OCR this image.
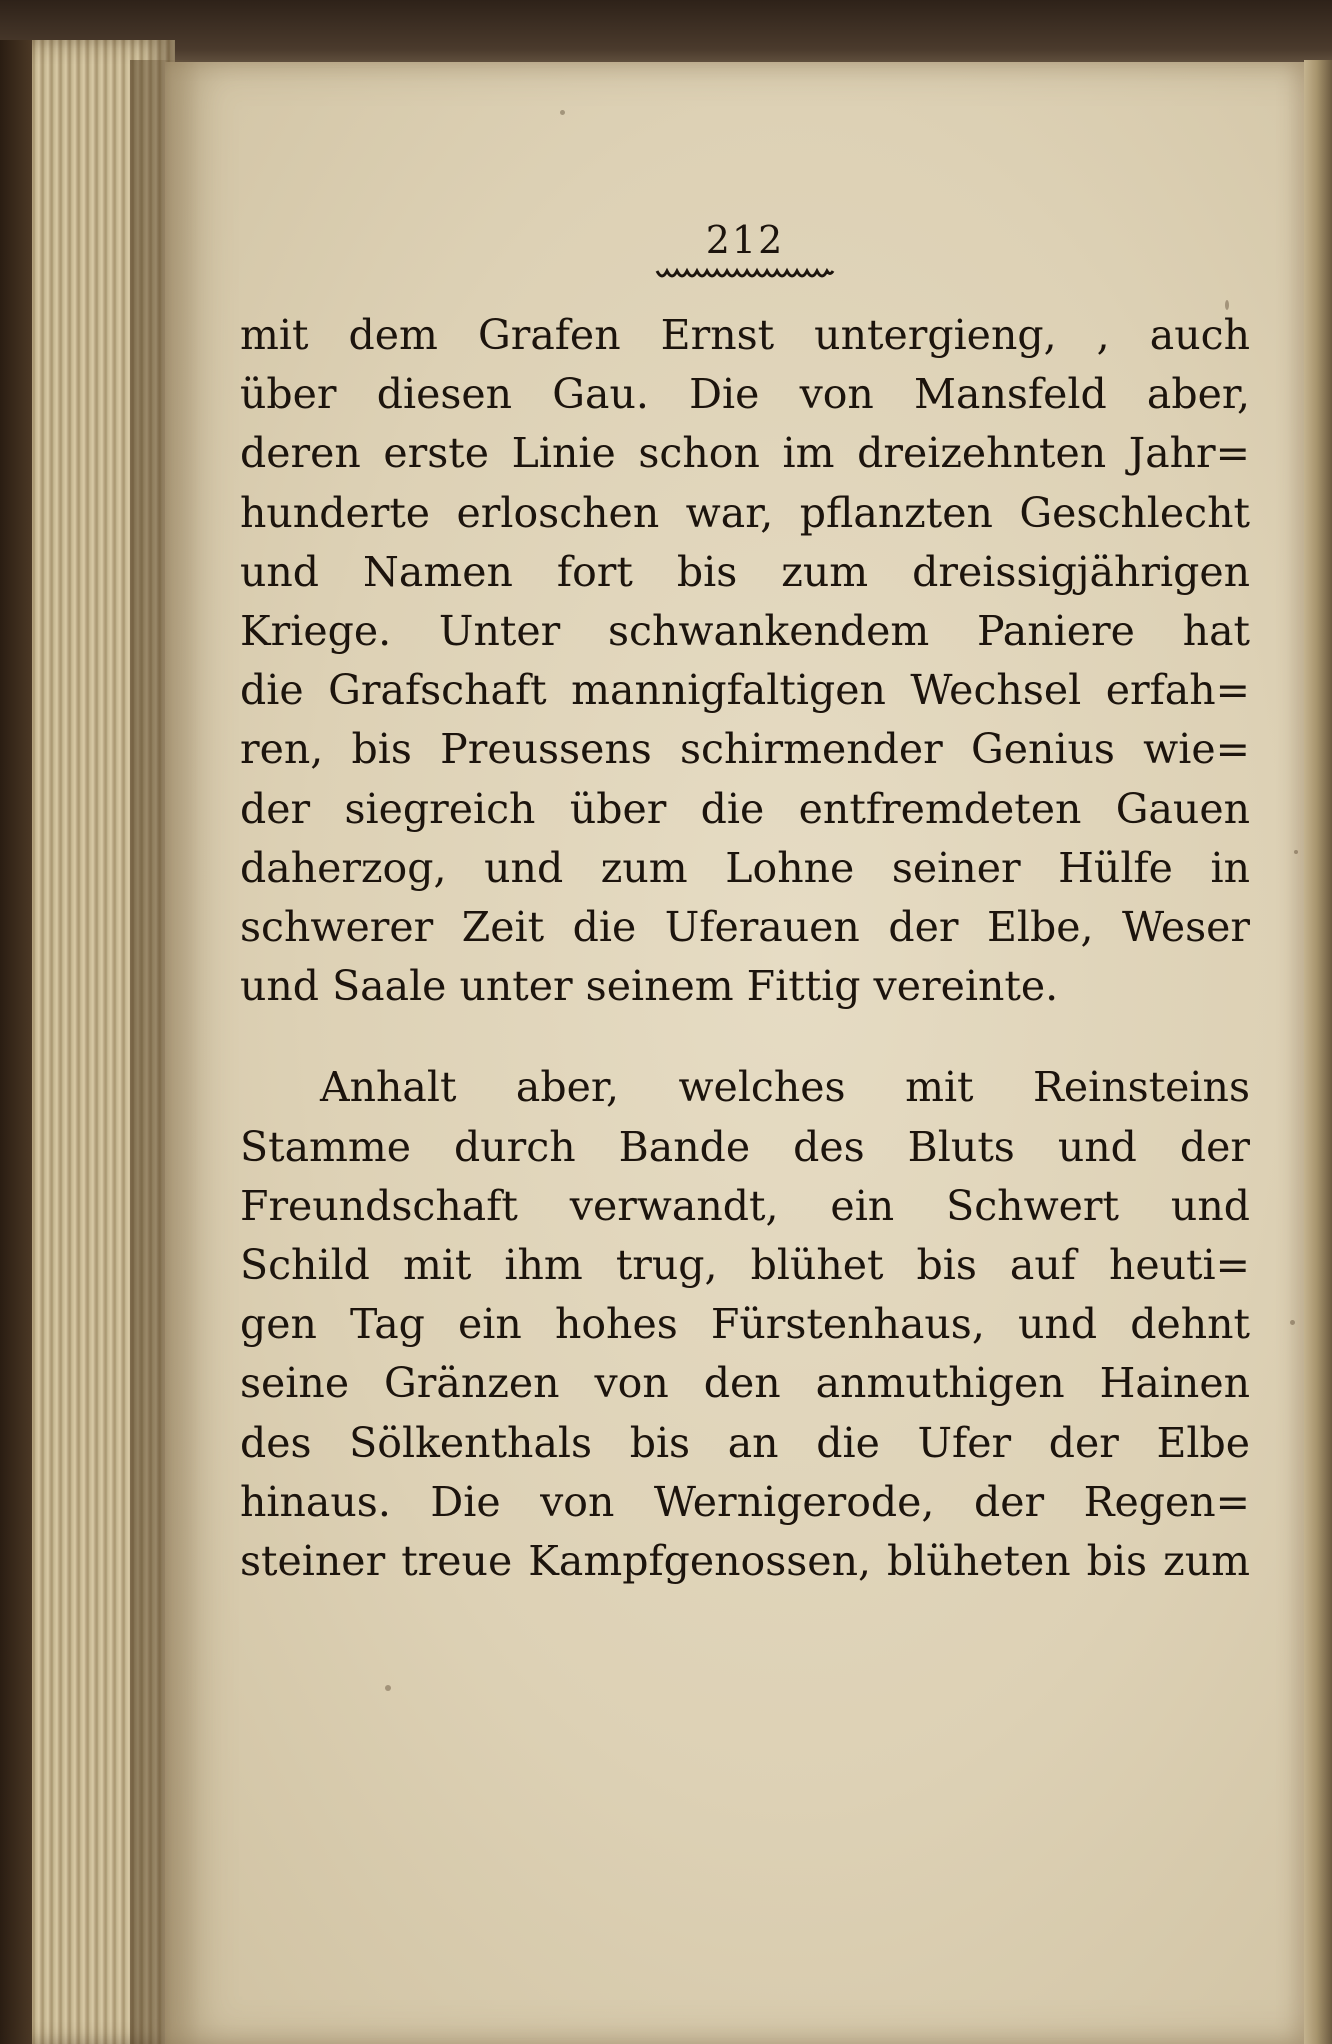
212

mit dem Grafen Ernst untergieng, , auch
über diesen Gau. Die von Mansfeld aber,
deren erste Linie schon im dreizehnten Jahr=
hunderte erloschen war, pflanzten Geschlecht
und Namen fort bis zum dreissigjährigen
Kriege. Unter schwankendem Paniere hat
die Grafschaft mannigfaltigen Wechsel erfah=
ren, bis Preussens schirmender Genius wie=
der siegreich über die entfremdeten Gauen
daherzog, und zum Lohne seiner Hülfe in
schwerer Zeit die Uferauen der Elbe, Weser
und Saale unter seinem Fittig vereinte.

Anhalt aber, welches mit Reinsteins
Stamme durch Bande des Bluts und der
Freundschaft verwandt, ein Schwert und
Schild mit ihm trug, blühet bis auf heuti=
gen Tag ein hohes Fürstenhaus, und dehnt
seine Gränzen von den anmuthigen Hainen
des Sölkenthals bis an die Ufer der Elbe
hinaus. Die von Wernigerode, der Regen=
steiner treue Kampfgenossen, blüheten bis zum
